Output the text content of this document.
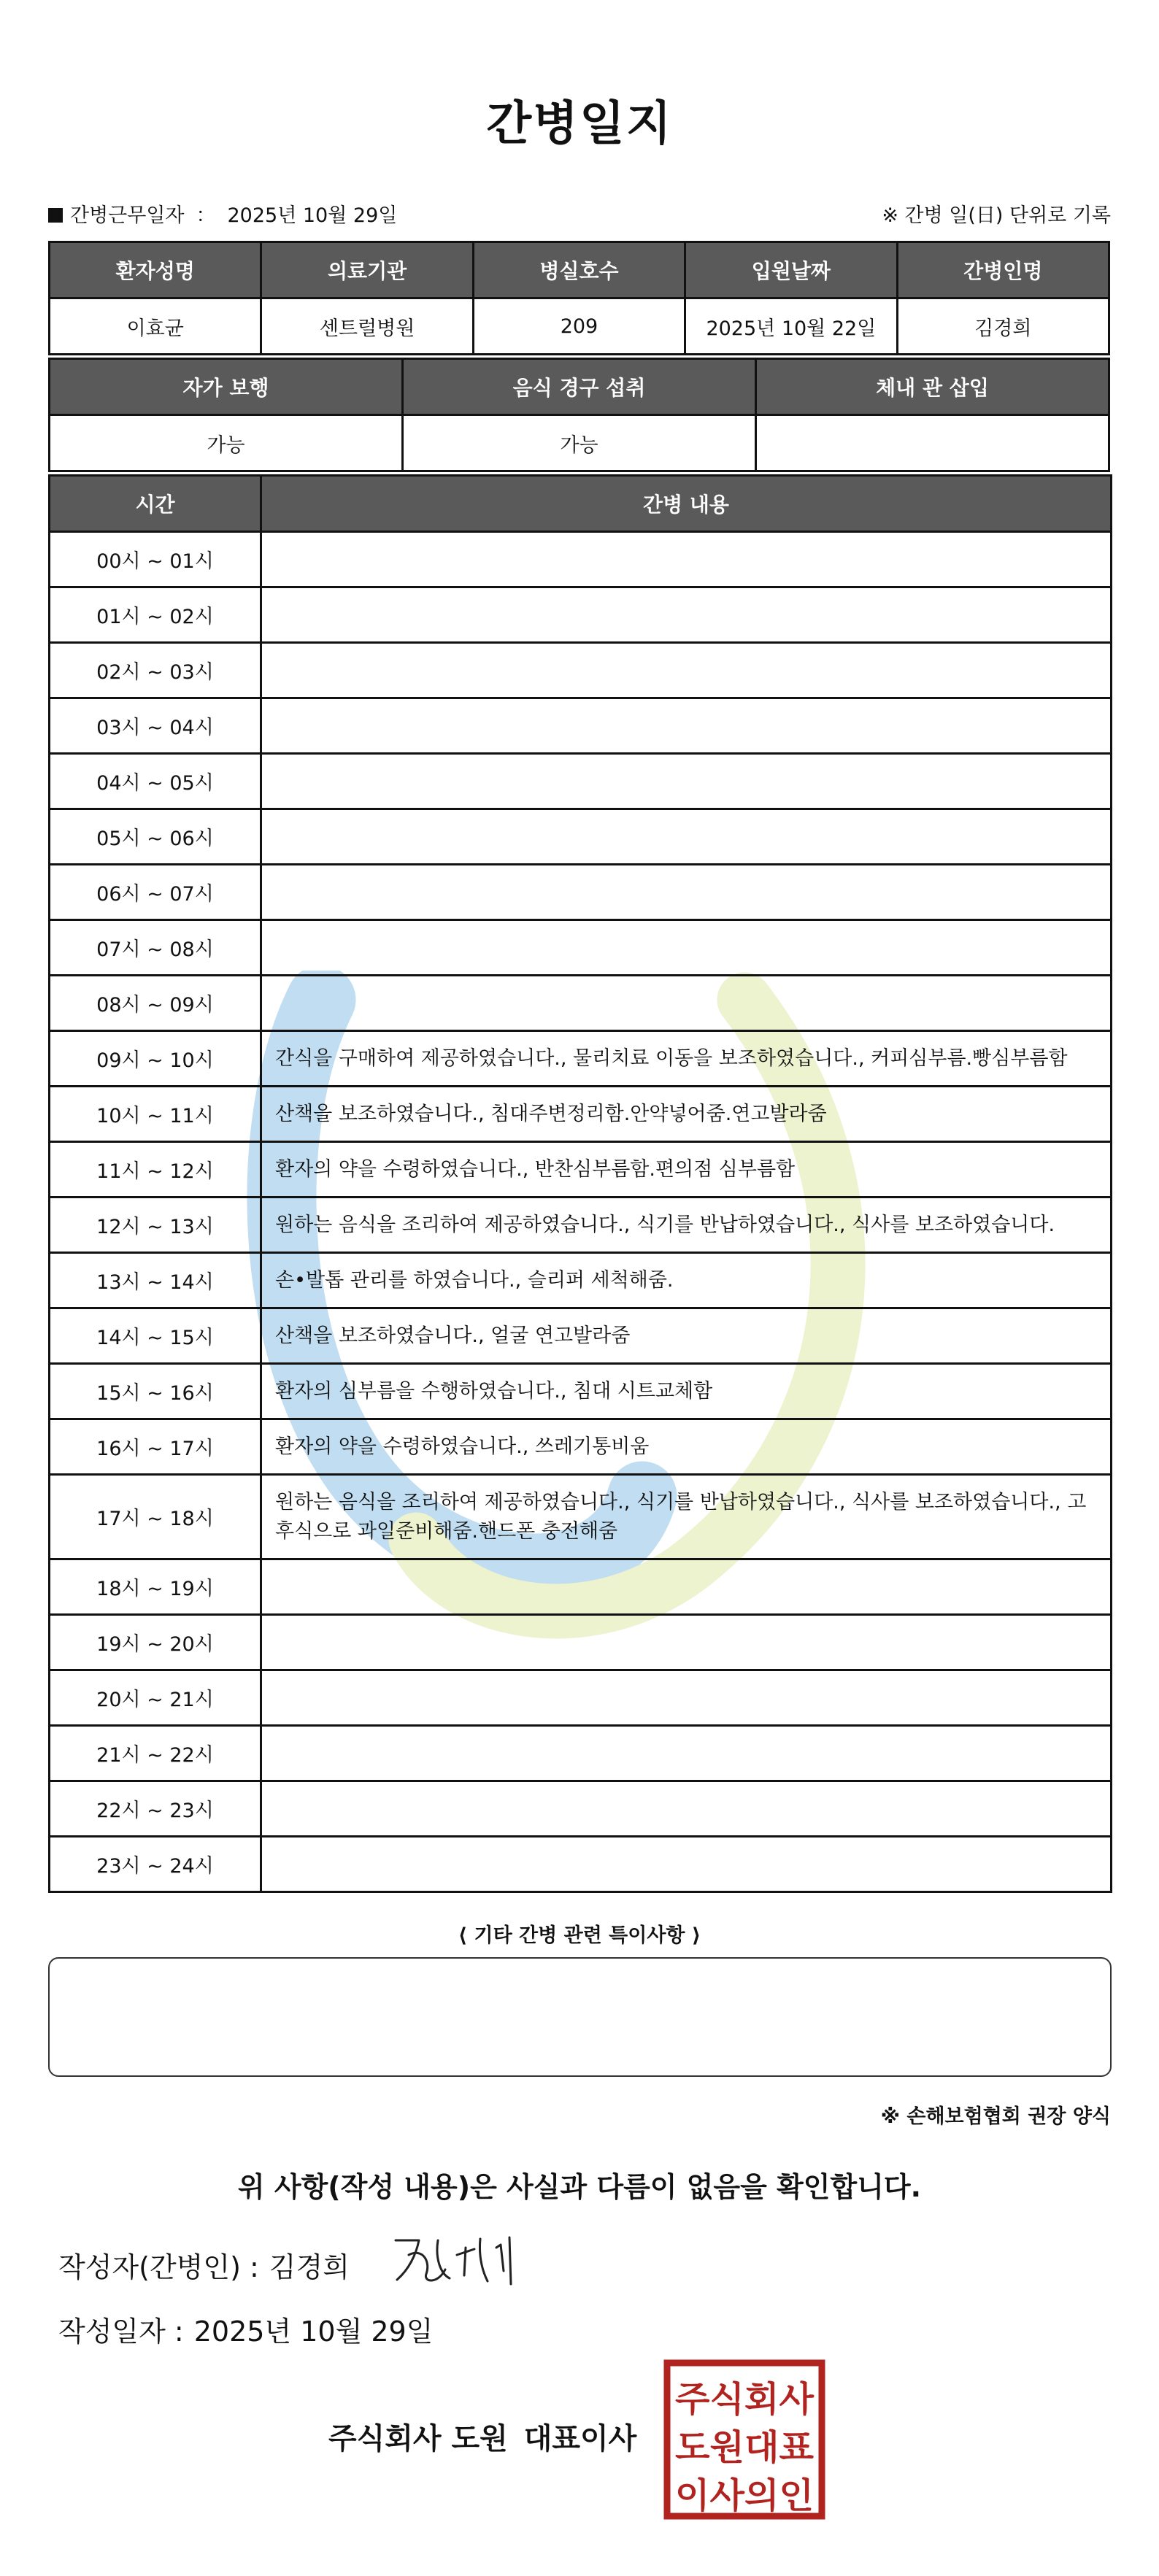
간병일지
간병근무일자 ： 2025년 10월 29일	※ 간병 일(日) 단위로 기록
환자성명	의료기관	병실호수	입원날짜	간병인명
이효균	센트럴병원	209	2025년 10월 22일	김경희
자가 보행	음식 경구 섭취	체내 관 삽입
가능	가능	
시간	간병 내용
00시 ~ 01시	
01시 ~ 02시	
02시 ~ 03시	
03시 ~ 04시	
04시 ~ 05시	
05시 ~ 06시	
06시 ~ 07시	
07시 ~ 08시	
08시 ~ 09시	
09시 ~ 10시	간식을 구매하여 제공하였습니다., 물리치료 이동을 보조하였습니다., 커피심부름.빵심부름함
10시 ~ 11시	산책을 보조하였습니다., 침대주변정리함.안약넣어줌.연고발라줌
11시 ~ 12시	환자의 약을 수령하였습니다., 반찬심부름함.편의점 심부름함
12시 ~ 13시	원하는 음식을 조리하여 제공하였습니다., 식기를 반납하였습니다., 식사를 보조하였습니다.
13시 ~ 14시	손•발톱 관리를 하였습니다., 슬리퍼 세척해줌.
14시 ~ 15시	산책을 보조하였습니다., 얼굴 연고발라줌
15시 ~ 16시	환자의 심부름을 수행하였습니다., 침대 시트교체함
16시 ~ 17시	환자의 약을 수령하였습니다., 쓰레기통비움
17시 ~ 18시	원하는 음식을 조리하여 제공하였습니다., 식기를 반납하였습니다., 식사를 보조하였습니다., 고후식으로 과일준비해줌.핸드폰 충전해줌
18시 ~ 19시	
19시 ~ 20시	
20시 ~ 21시	
21시 ~ 22시	
22시 ~ 23시	
23시 ~ 24시	
⟨ 기타 간병 관련 특이사항 ⟩
※ 손해보험협회 권장 양식
위 사항(작성 내용)은 사실과 다름이 없음을 확인합니다.
작성자(간병인) : 김경희
작성일자 : 2025년 10월 29일
주식회사 도원 대표이사
주식회사
도원대표
이사의인
